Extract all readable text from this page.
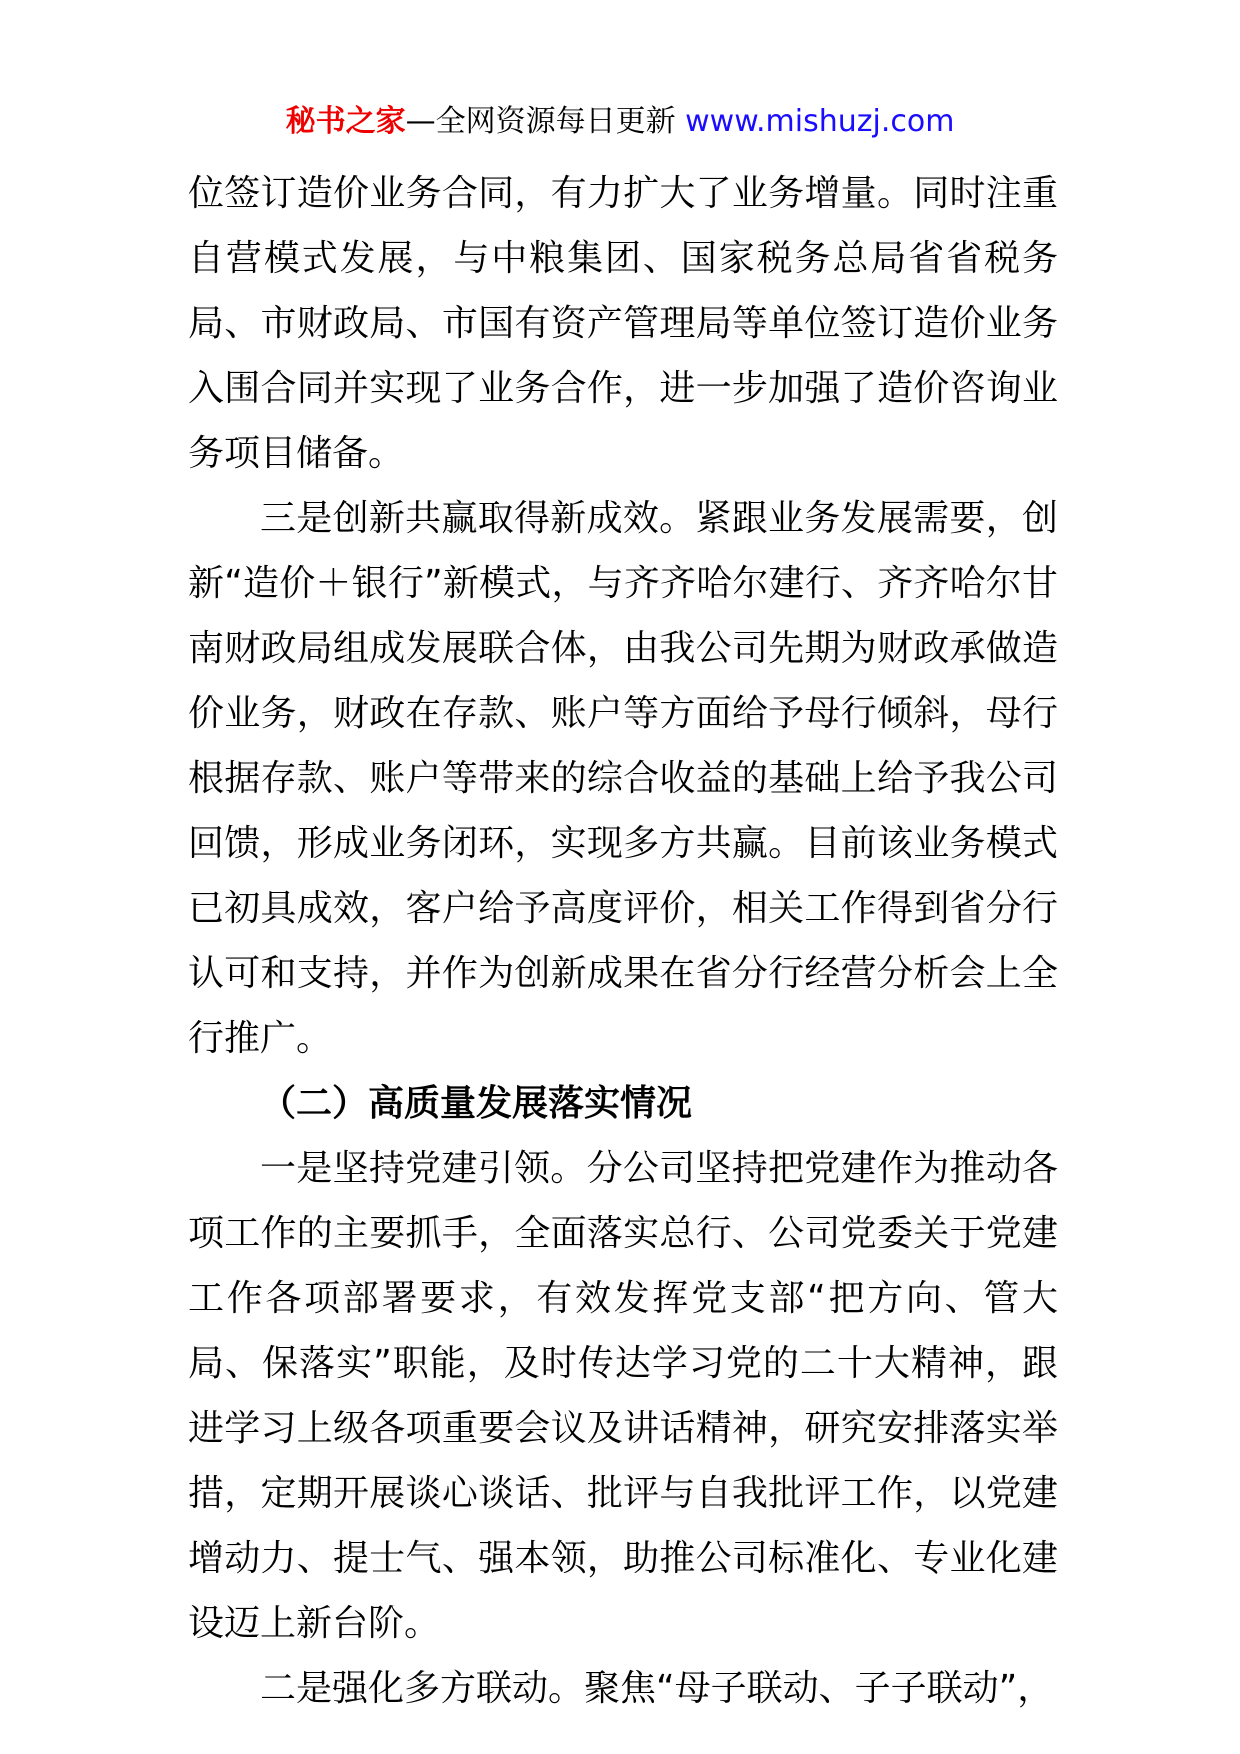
秘书之家—全网资源每日更新 www.mishuzj.com

位签订造价业务合同，有力扩大了业务增量。同时注重自营模式发展，与中粮集团、国家税务总局省省税务局、市财政局、市国有资产管理局等单位签订造价业务入围合同并实现了业务合作，进一步加强了造价咨询业务项目储备。

三是创新共赢取得新成效。紧跟业务发展需要，创新“造价＋银行”新模式，与齐齐哈尔建行、齐齐哈尔甘南财政局组成发展联合体，由我公司先期为财政承做造价业务，财政在存款、账户等方面给予母行倾斜，母行根据存款、账户等带来的综合收益的基础上给予我公司回馈，形成业务闭环，实现多方共赢。目前该业务模式已初具成效，客户给予高度评价，相关工作得到省分行认可和支持，并作为创新成果在省分行经营分析会上全行推广。

（二）高质量发展落实情况

一是坚持党建引领。分公司坚持把党建作为推动各项工作的主要抓手，全面落实总行、公司党委关于党建工作各项部署要求，有效发挥党支部“把方向、管大局、保落实”职能，及时传达学习党的二十大精神，跟进学习上级各项重要会议及讲话精神，研究安排落实举措，定期开展谈心谈话、批评与自我批评工作，以党建增动力、提士气、强本领，助推公司标准化、专业化建设迈上新台阶。

二是强化多方联动。聚焦“母子联动、子子联动”，
